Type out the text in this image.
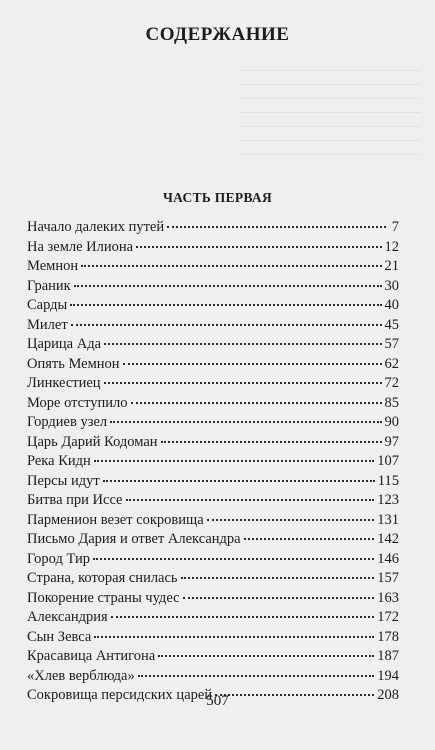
СОДЕРЖАНИЕ
ЧАСТЬ ПЕРВАЯ
Начало далеких путей	7
На земле Илиона	12
Мемнон	21
Граник	30
Сарды	40
Милет	45
Царица Ада	57
Опять Мемнон	62
Линкестиец	72
Море отступило	85
Гордиев узел	90
Царь Дарий Кодоман	97
Река Кидн	107
Персы идут	115
Битва при Иссе	123
Парменион везет сокровища	131
Письмо Дария и ответ Александра	142
Город Тир	146
Страна, которая снилась	157
Покорение страны чудес	163
Александрия	172
Сын Зевса	178
Красавица Антигона	187
«Хлев верблюда»	194
Сокровища персидских царей	208
507
